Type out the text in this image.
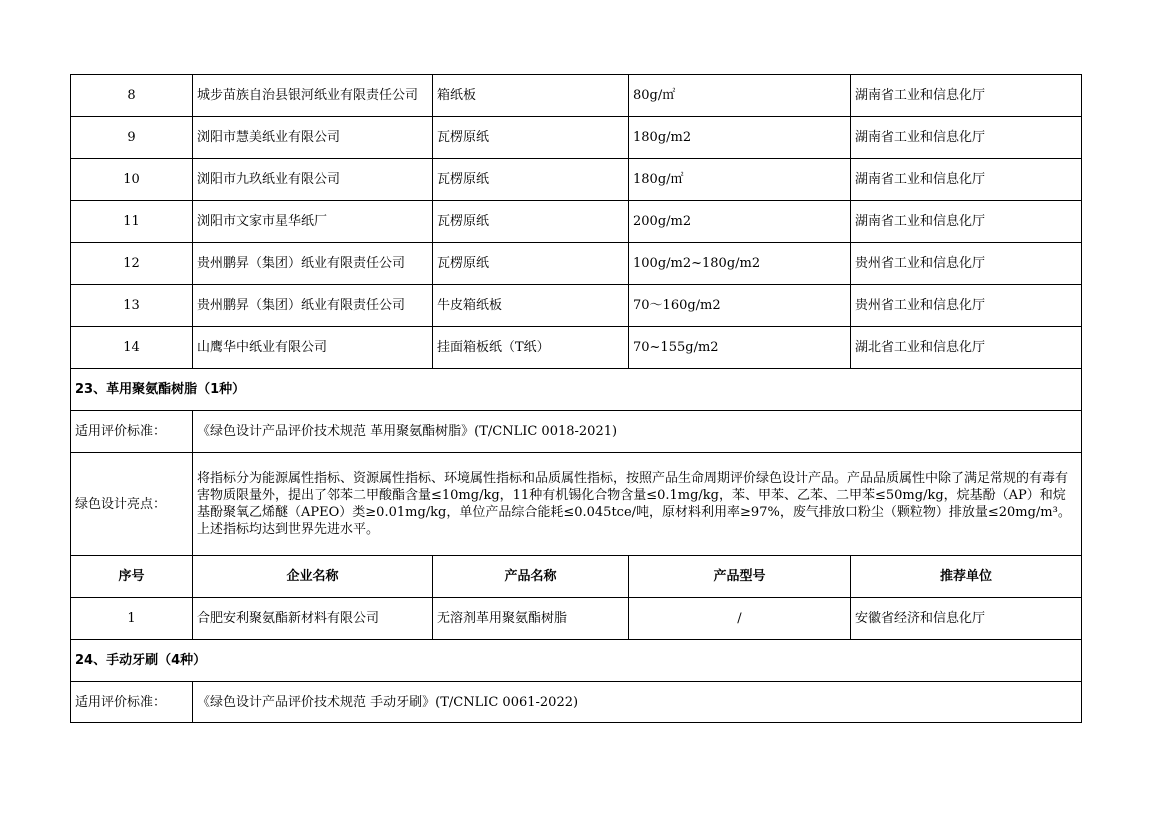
8	城步苗族自治县银河纸业有限责任公司	箱纸板	80g/㎡	湖南省工业和信息化厅
9	浏阳市慧美纸业有限公司	瓦楞原纸	180g/m2	湖南省工业和信息化厅
10	浏阳市九玖纸业有限公司	瓦楞原纸	180g/㎡	湖南省工业和信息化厅
11	浏阳市文家市星华纸厂	瓦楞原纸	200g/m2	湖南省工业和信息化厅
12	贵州鹏昇（集团）纸业有限责任公司	瓦楞原纸	100g/m2~180g/m2	贵州省工业和信息化厅
13	贵州鹏昇（集团）纸业有限责任公司	牛皮箱纸板	70～160g/m2	贵州省工业和信息化厅
14	山鹰华中纸业有限公司	挂面箱板纸（T纸）	70~155g/m2	湖北省工业和信息化厅
23、革用聚氨酯树脂（1种）				
适用评价标准：	《绿色设计产品评价技术规范 革用聚氨酯树脂》(T/CNLIC 0018-2021)			
绿色设计亮点：	将指标分为能源属性指标、资源属性指标、环境属性指标和品质属性指标，按照产品生命周期评价绿色设计产品。产品品质属性中除了满足常规的有毒有害物质限量外，提出了邻苯二甲酸酯含量≤10mg/kg，11种有机锡化合物含量≤0.1mg/kg，苯、甲苯、乙苯、二甲苯≤50mg/kg，烷基酚（AP）和烷基酚聚氧乙烯醚（APEO）类≥0.01mg/kg，单位产品综合能耗≤0.045tce/吨，原材料利用率≥97%，废气排放口粉尘（颗粒物）排放量≤20mg/m³。上述指标均达到世界先进水平。			
序号	企业名称	产品名称	产品型号	推荐单位
1	合肥安利聚氨酯新材料有限公司	无溶剂革用聚氨酯树脂	/	安徽省经济和信息化厅
24、手动牙刷（4种）				
适用评价标准：	《绿色设计产品评价技术规范 手动牙刷》(T/CNLIC 0061-2022)			
